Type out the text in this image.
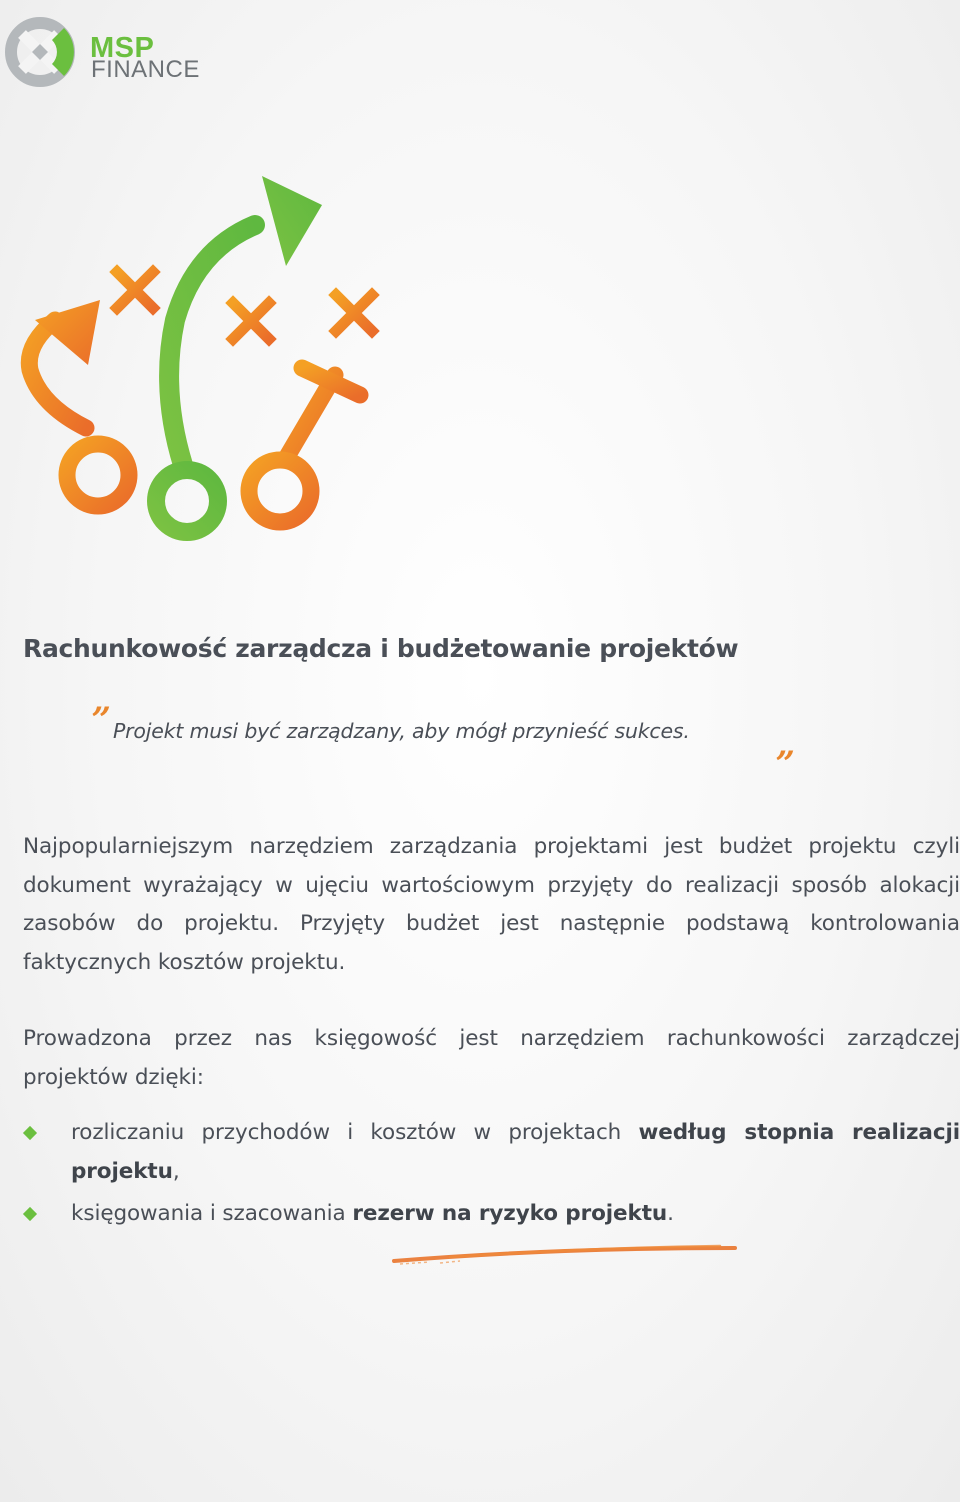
MSP
FINANCE
Rachunkowość zarządcza i budżetowanie projektów
„
Projekt musi być zarządzany, aby mógł przynieść sukces.	„

Najpopularniejszym narzędziem zarządzania projektami jest budżet projektu czyli dokument wyrażający w ujęciu wartościowym przyjęty do realizacji sposób alokacji zasobów do projektu. Przyjęty budżet jest następnie podstawą kontrolowania faktycznych kosztów projektu.

Prowadzona przez nas księgowość jest narzędziem rachunkowości zarządczej projektów dzięki:

rozliczaniu przychodów i kosztów w projektach według stopnia realizacji projektu,
księgowania i szacowania rezerw na ryzyko projektu.
